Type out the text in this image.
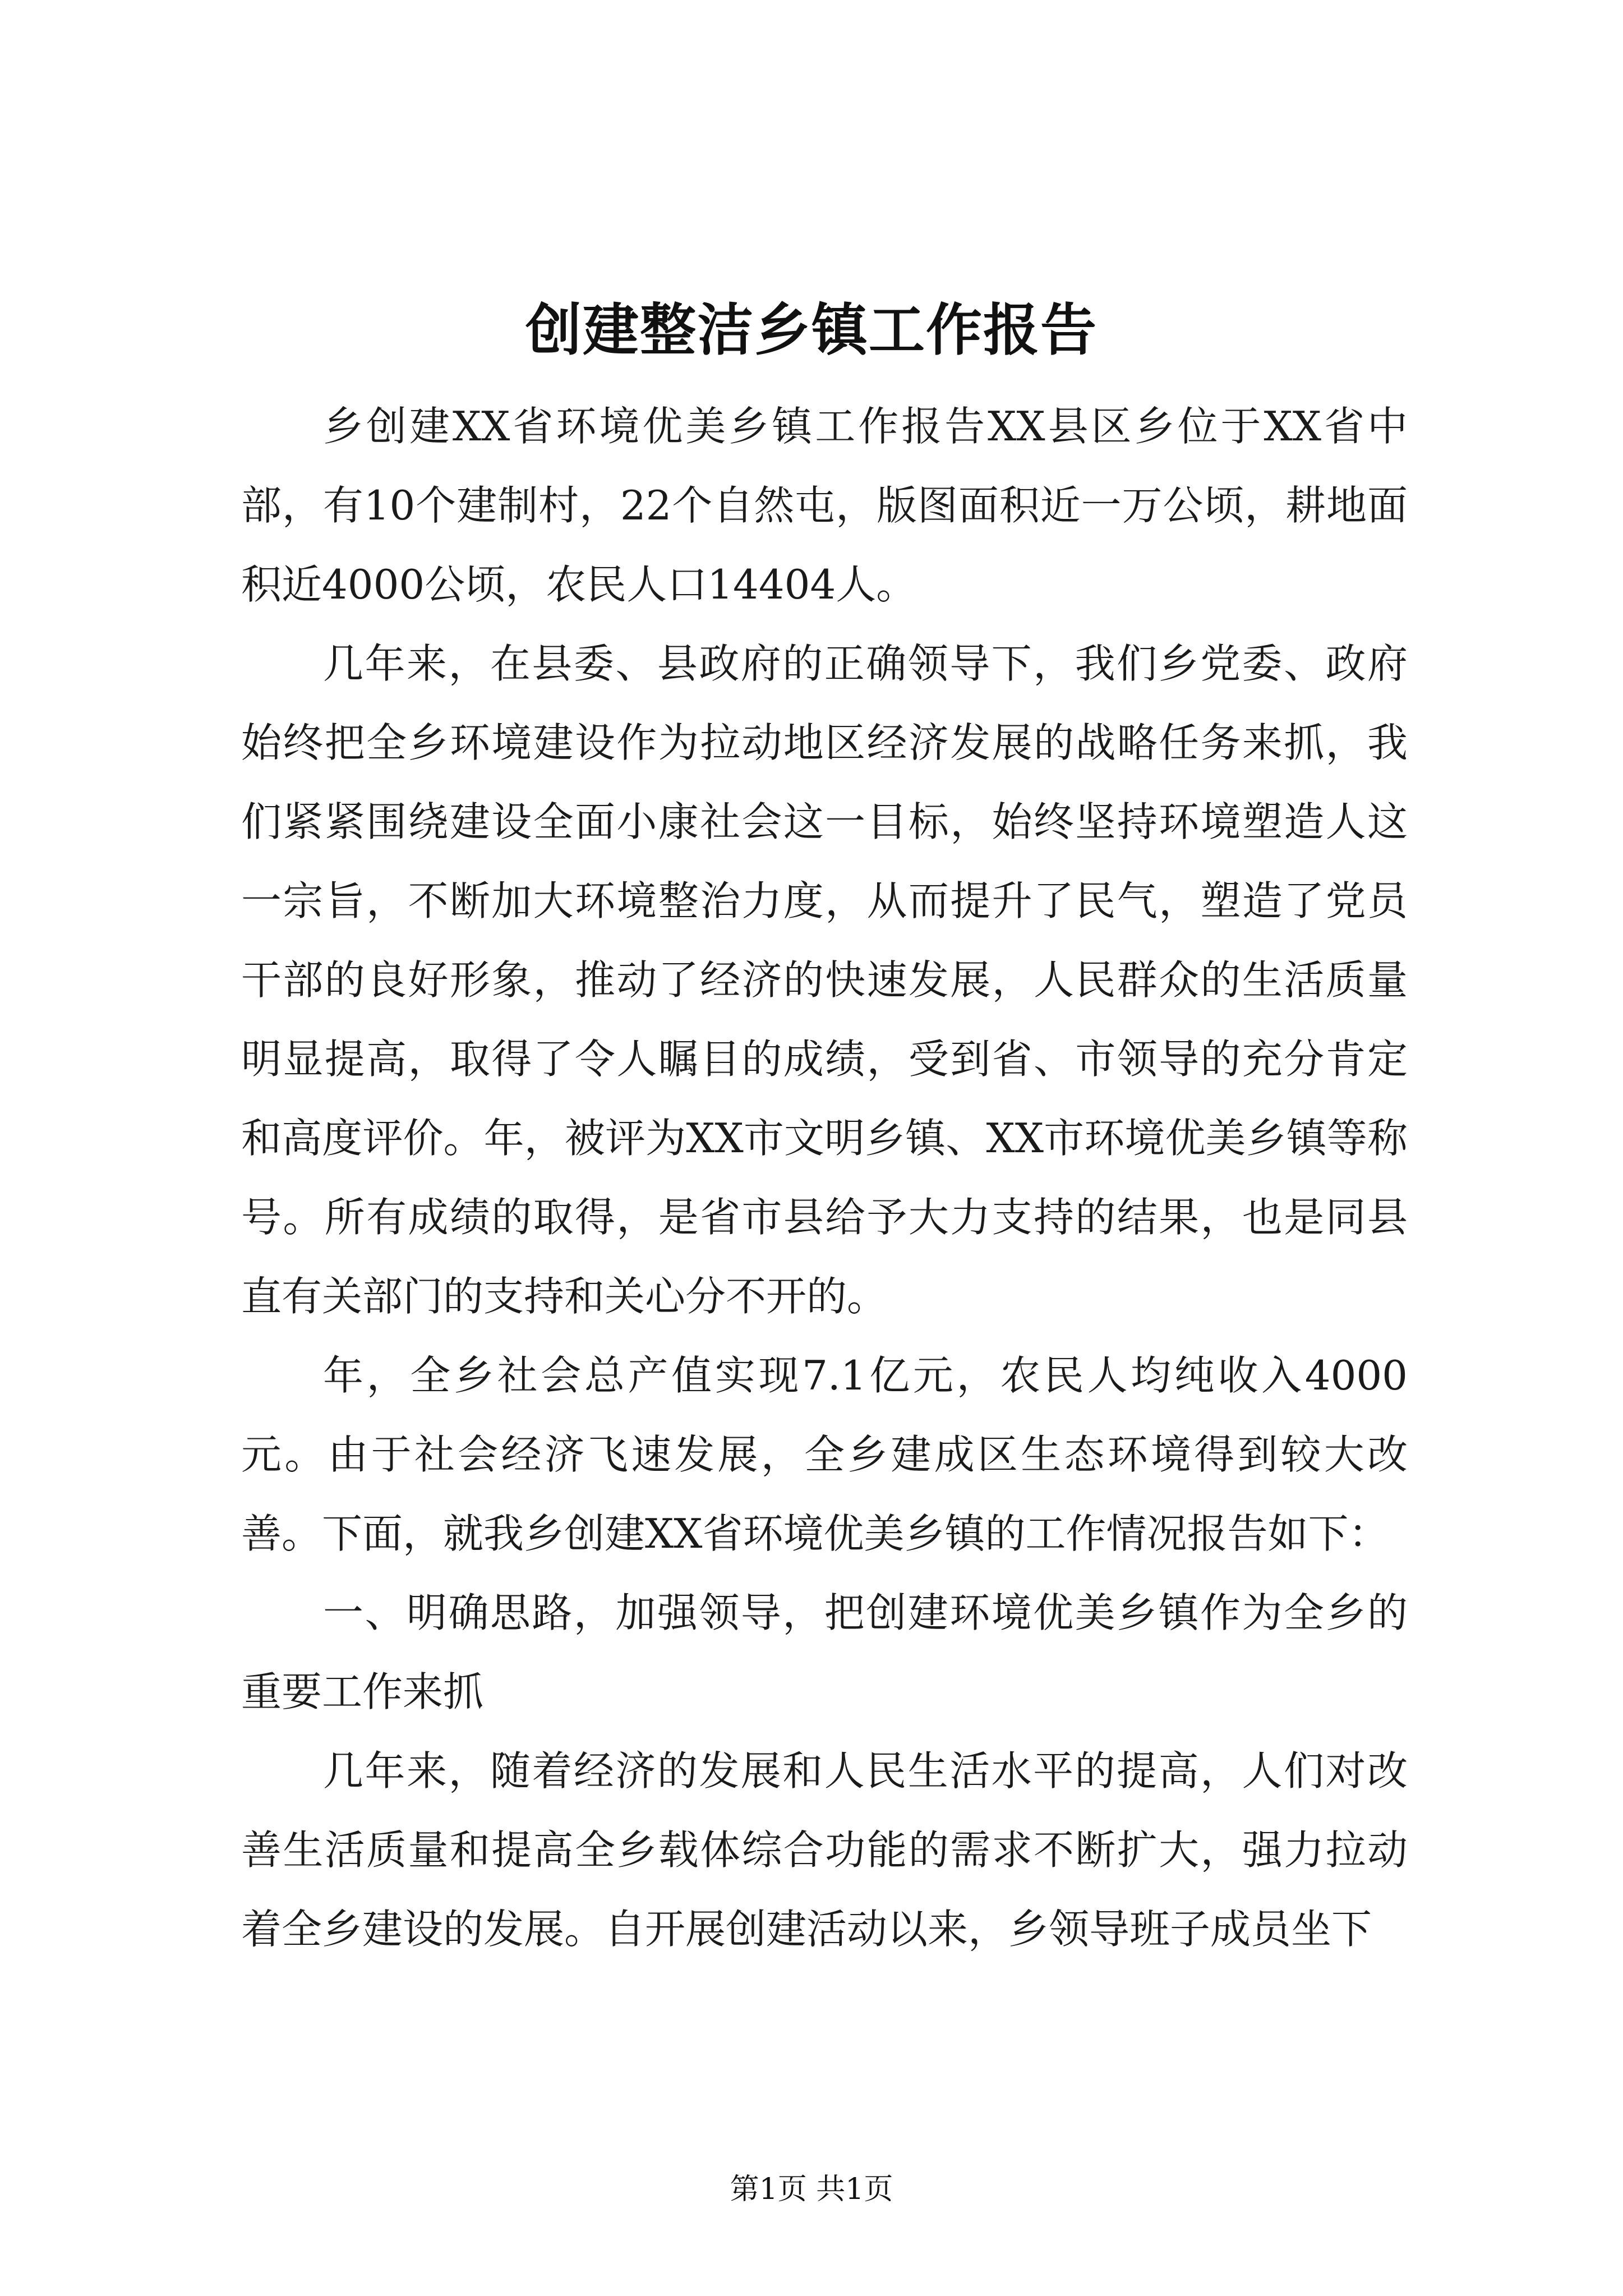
创建整洁乡镇工作报告

乡创建XX省环境优美乡镇工作报告XX县区乡位于XX省中部，有10个建制村，22个自然屯，版图面积近一万公顷，耕地面积近4000公顷，农民人口14404人。

几年来，在县委、县政府的正确领导下，我们乡党委、政府始终把全乡环境建设作为拉动地区经济发展的战略任务来抓，我们紧紧围绕建设全面小康社会这一目标，始终坚持环境塑造人这一宗旨，不断加大环境整治力度，从而提升了民气，塑造了党员干部的良好形象，推动了经济的快速发展，人民群众的生活质量明显提高，取得了令人瞩目的成绩，受到省、市领导的充分肯定和高度评价。年，被评为XX市文明乡镇、XX市环境优美乡镇等称号。所有成绩的取得，是省市县给予大力支持的结果，也是同县直有关部门的支持和关心分不开的。

年，全乡社会总产值实现7.1亿元，农民人均纯收入4000元。由于社会经济飞速发展，全乡建成区生态环境得到较大改善。下面，就我乡创建XX省环境优美乡镇的工作情况报告如下：

一、明确思路，加强领导，把创建环境优美乡镇作为全乡的重要工作来抓

几年来，随着经济的发展和人民生活水平的提高，人们对改善生活质量和提高全乡载体综合功能的需求不断扩大，强力拉动着全乡建设的发展。自开展创建活动以来，乡领导班子成员坐下

第1页 共1页
